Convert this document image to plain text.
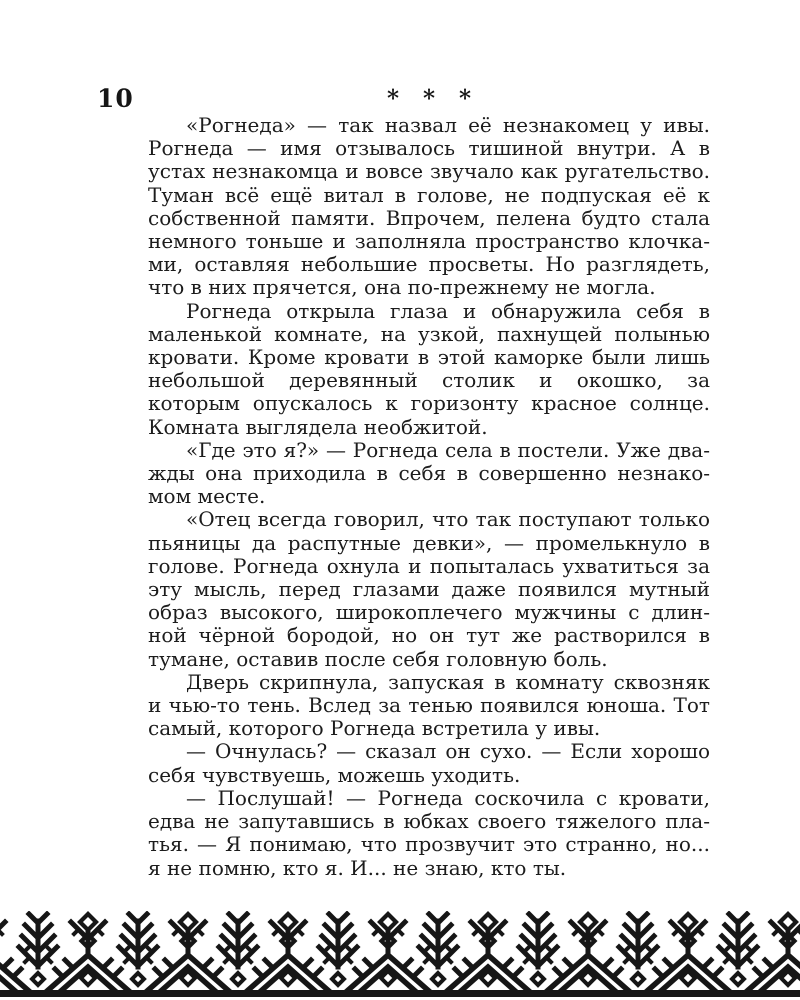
10	* * *

«Рогнеда» — так назвал её незнакомец у ивы. Рогнеда — имя отзывалось тишиной внутри. А в устах незнакомца и вовсе звучало как ругательство. Туман всё ещё витал в голове, не подпуская её к собственной памяти. Впрочем, пелена будто стала немного тоньше и заполняла пространство клочками, оставляя небольшие просветы. Но разглядеть, что в них прячется, она по-прежнему не могла.

Рогнеда открыла глаза и обнаружила себя в маленькой комнате, на узкой, пахнущей полынью кровати. Кроме кровати в этой каморке были лишь небольшой деревянный столик и окошко, за которым опускалось к горизонту красное солнце. Комната выглядела необжитой.

«Где это я?» — Рогнеда села в постели. Уже дважды она приходила в себя в совершенно незнакомом месте.

«Отец всегда говорил, что так поступают только пьяницы да распутные девки», — промелькнуло в голове. Рогнеда охнула и попыталась ухватиться за эту мысль, перед глазами даже появился мутный образ высокого, широкоплечего мужчины с длинной чёрной бородой, но он тут же растворился в тумане, оставив после себя головную боль.

Дверь скрипнула, запуская в комнату сквозняк и чью-то тень. Вслед за тенью появился юноша. Тот самый, которого Рогнеда встретила у ивы.

— Очнулась? — сказал он сухо. — Если хорошо себя чувствуешь, можешь уходить.

— Послушай! — Рогнеда соскочила с кровати, едва не запутавшись в юбках своего тяжелого платья. — Я понимаю, что прозвучит это странно, но... я не помню, кто я. И... не знаю, кто ты.
